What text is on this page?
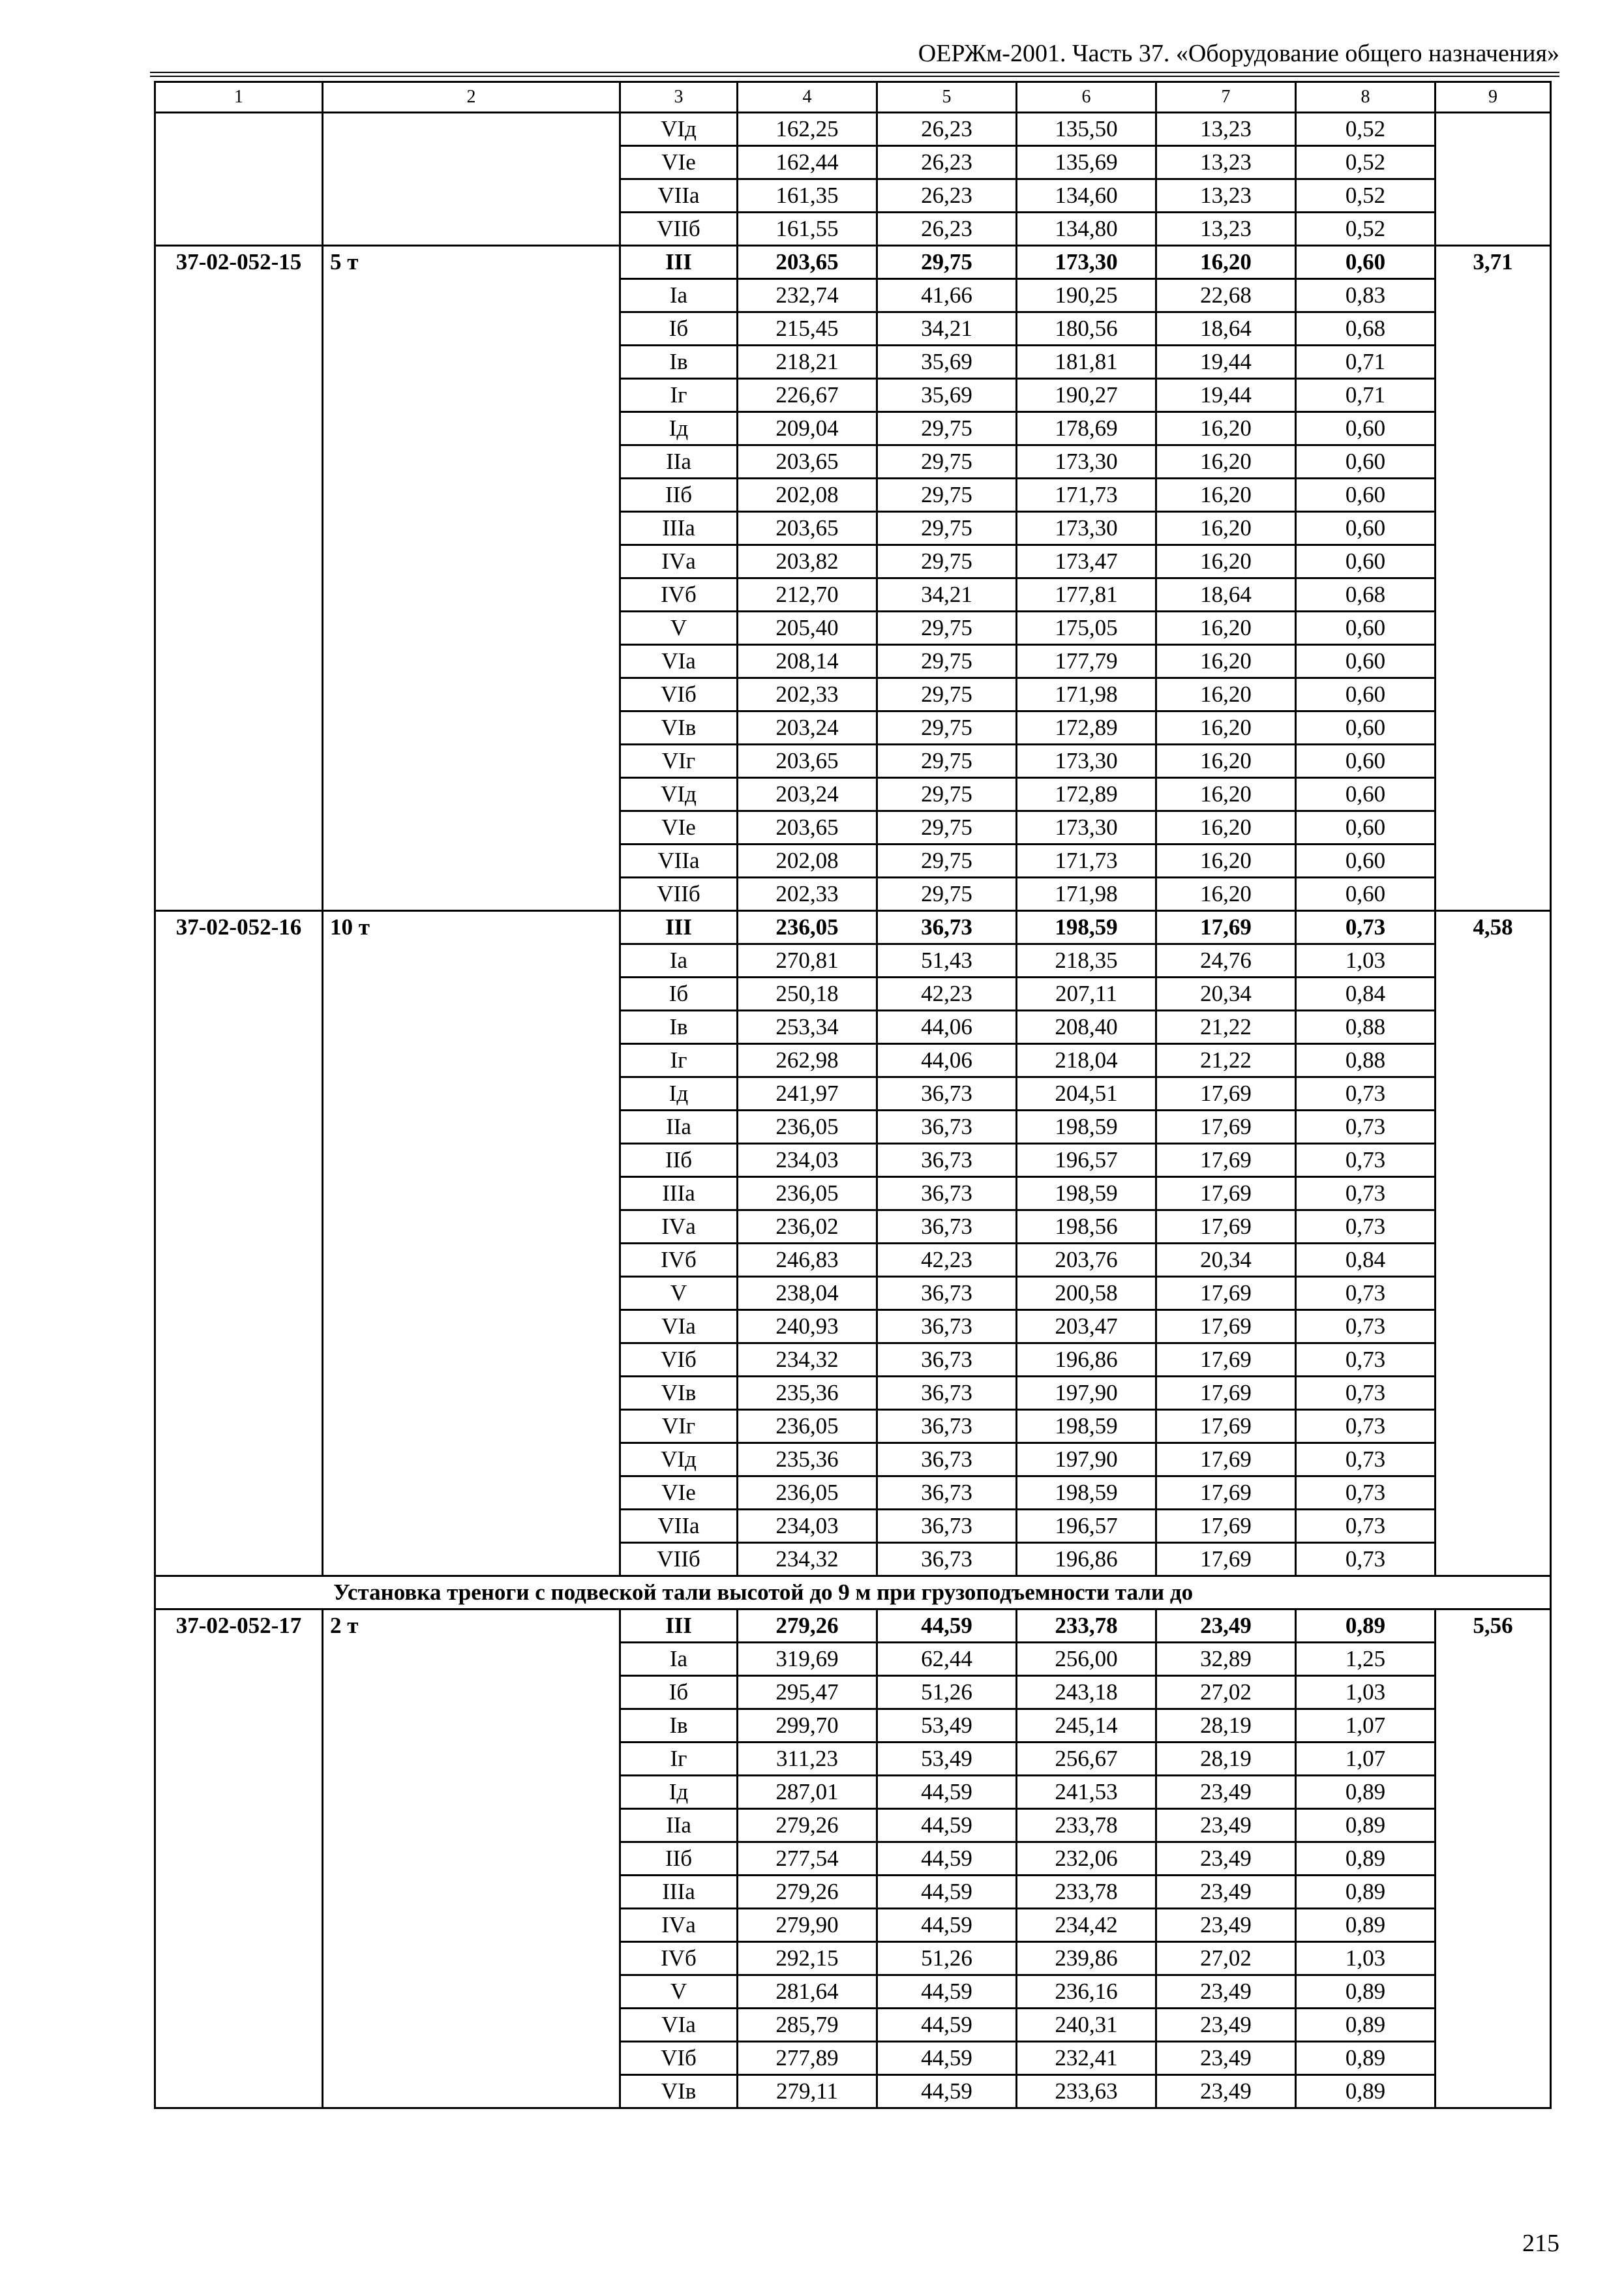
ОЕРЖм-2001. Часть 37. «Оборудование общего назначения»
1	2	3	4	5	6	7	8	9
		VIд	162,25	26,23	135,50	13,23	0,52	
		VIе	162,44	26,23	135,69	13,23	0,52	
		VIIа	161,35	26,23	134,60	13,23	0,52	
		VIIб	161,55	26,23	134,80	13,23	0,52	
37-02-052-15	5 т	III	203,65	29,75	173,30	16,20	0,60	3,71
		Iа	232,74	41,66	190,25	22,68	0,83	
		Iб	215,45	34,21	180,56	18,64	0,68	
		Iв	218,21	35,69	181,81	19,44	0,71	
		Iг	226,67	35,69	190,27	19,44	0,71	
		Iд	209,04	29,75	178,69	16,20	0,60	
		IIа	203,65	29,75	173,30	16,20	0,60	
		IIб	202,08	29,75	171,73	16,20	0,60	
		IIIа	203,65	29,75	173,30	16,20	0,60	
		IVа	203,82	29,75	173,47	16,20	0,60	
		IVб	212,70	34,21	177,81	18,64	0,68	
		V	205,40	29,75	175,05	16,20	0,60	
		VIа	208,14	29,75	177,79	16,20	0,60	
		VIб	202,33	29,75	171,98	16,20	0,60	
		VIв	203,24	29,75	172,89	16,20	0,60	
		VIг	203,65	29,75	173,30	16,20	0,60	
		VIд	203,24	29,75	172,89	16,20	0,60	
		VIе	203,65	29,75	173,30	16,20	0,60	
		VIIа	202,08	29,75	171,73	16,20	0,60	
		VIIб	202,33	29,75	171,98	16,20	0,60	
37-02-052-16	10 т	III	236,05	36,73	198,59	17,69	0,73	4,58
		Iа	270,81	51,43	218,35	24,76	1,03	
		Iб	250,18	42,23	207,11	20,34	0,84	
		Iв	253,34	44,06	208,40	21,22	0,88	
		Iг	262,98	44,06	218,04	21,22	0,88	
		Iд	241,97	36,73	204,51	17,69	0,73	
		IIа	236,05	36,73	198,59	17,69	0,73	
		IIб	234,03	36,73	196,57	17,69	0,73	
		IIIа	236,05	36,73	198,59	17,69	0,73	
		IVа	236,02	36,73	198,56	17,69	0,73	
		IVб	246,83	42,23	203,76	20,34	0,84	
		V	238,04	36,73	200,58	17,69	0,73	
		VIа	240,93	36,73	203,47	17,69	0,73	
		VIб	234,32	36,73	196,86	17,69	0,73	
		VIв	235,36	36,73	197,90	17,69	0,73	
		VIг	236,05	36,73	198,59	17,69	0,73	
		VIд	235,36	36,73	197,90	17,69	0,73	
		VIе	236,05	36,73	198,59	17,69	0,73	
		VIIа	234,03	36,73	196,57	17,69	0,73	
		VIIб	234,32	36,73	196,86	17,69	0,73	
Установка треноги с подвеской тали высотой до 9 м при грузоподъемности тали до								
37-02-052-17	2 т	III	279,26	44,59	233,78	23,49	0,89	5,56
		Iа	319,69	62,44	256,00	32,89	1,25	
		Iб	295,47	51,26	243,18	27,02	1,03	
		Iв	299,70	53,49	245,14	28,19	1,07	
		Iг	311,23	53,49	256,67	28,19	1,07	
		Iд	287,01	44,59	241,53	23,49	0,89	
		IIа	279,26	44,59	233,78	23,49	0,89	
		IIб	277,54	44,59	232,06	23,49	0,89	
		IIIа	279,26	44,59	233,78	23,49	0,89	
		IVа	279,90	44,59	234,42	23,49	0,89	
		IVб	292,15	51,26	239,86	27,02	1,03	
		V	281,64	44,59	236,16	23,49	0,89	
		VIа	285,79	44,59	240,31	23,49	0,89	
		VIб	277,89	44,59	232,41	23,49	0,89	
		VIв	279,11	44,59	233,63	23,49	0,89	
215
